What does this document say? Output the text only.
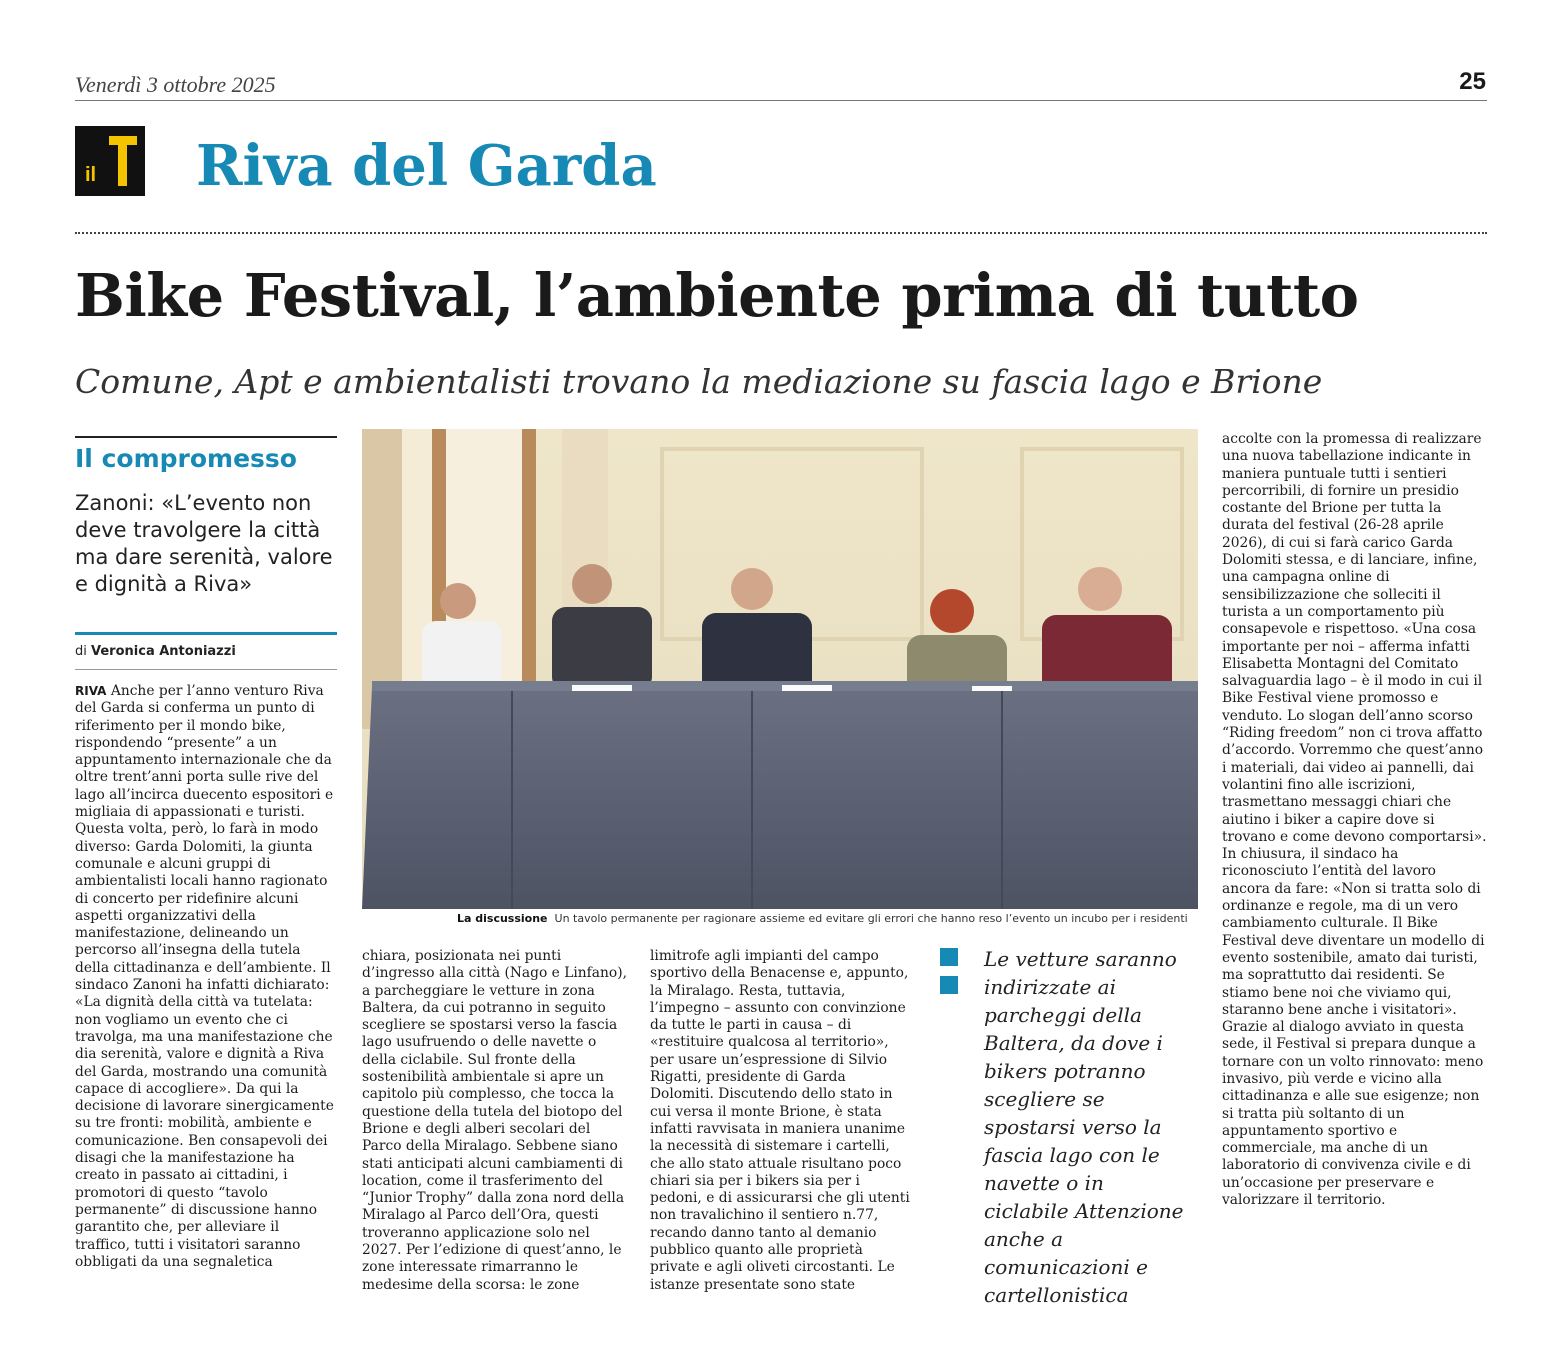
Venerdì 3 ottobre 2025	25
il Riva del Garda
Bike Festival, l’ambiente prima di tutto
Comune, Apt e ambientalisti trovano la mediazione su fascia lago e Brione
Il compromesso
Zanoni: «L’evento non deve travolgere la città ma dare serenità, valore e dignità a Riva»
di Veronica Antoniazzi
RIVA Anche per l’anno venturo Riva del Garda si conferma un punto di riferimento per il mondo bike, rispondendo “presente” a un appuntamento internazionale che da oltre trent’anni porta sulle rive del lago all’incirca duecento espositori e migliaia di appassionati e turisti. Questa volta, però, lo farà in modo diverso: Garda Dolomiti, la giunta comunale e alcuni gruppi di ambientalisti locali hanno ragionato di concerto per ridefinire alcuni aspetti organizzativi della manifestazione, delineando un percorso all’insegna della tutela della cittadinanza e dell’ambiente. Il sindaco Zanoni ha infatti dichiarato: «La dignità della città va tutelata: non vogliamo un evento che ci travolga, ma una manifestazione che dia serenità, valore e dignità a Riva del Garda, mostrando una comunità capace di accogliere». Da qui la decisione di lavorare sinergicamente su tre fronti: mobilità, ambiente e comunicazione. Ben consapevoli dei disagi che la manifestazione ha creato in passato ai cittadini, i promotori di questo “tavolo permanente” di discussione hanno garantito che, per alleviare il traffico, tutti i visitatori saranno obbligati da una segnaletica
La discussione Un tavolo permanente per ragionare assieme ed evitare gli errori che hanno reso l’evento un incubo per i residenti
chiara, posizionata nei punti d’ingresso alla città (Nago e Linfano), a parcheggiare le vetture in zona Baltera, da cui potranno in seguito scegliere se spostarsi verso la fascia lago usufruendo o delle navette o della ciclabile. Sul fronte della sostenibilità ambientale si apre un capitolo più complesso, che tocca la questione della tutela del biotopo del Brione e degli alberi secolari del Parco della Miralago. Sebbene siano stati anticipati alcuni cambiamenti di location, come il trasferimento del “Junior Trophy” dalla zona nord della Miralago al Parco dell’Ora, questi troveranno applicazione solo nel 2027. Per l’edizione di quest’anno, le zone interessate rimarranno le medesime della scorsa: le zone
limitrofe agli impianti del campo sportivo della Benacense e, appunto, la Miralago. Resta, tuttavia, l’impegno – assunto con convinzione da tutte le parti in causa – di «restituire qualcosa al territorio», per usare un’espressione di Silvio Rigatti, presidente di Garda Dolomiti. Discutendo dello stato in cui versa il monte Brione, è stata infatti ravvisata in maniera unanime la necessità di sistemare i cartelli, che allo stato attuale risultano poco chiari sia per i bikers sia per i pedoni, e di assicurarsi che gli utenti non travalichino il sentiero n.77, recando danno tanto al demanio pubblico quanto alle proprietà private e agli oliveti circostanti. Le istanze presentate sono state
Le vetture saranno indirizzate ai parcheggi della Baltera, da dove i bikers potranno scegliere se spostarsi verso la fascia lago con le navette o in ciclabile Attenzione anche a comunicazioni e cartellonistica
accolte con la promessa di realizzare una nuova tabellazione indicante in maniera puntuale tutti i sentieri percorribili, di fornire un presidio costante del Brione per tutta la durata del festival (26-28 aprile 2026), di cui si farà carico Garda Dolomiti stessa, e di lanciare, infine, una campagna online di sensibilizzazione che solleciti il turista a un comportamento più consapevole e rispettoso. «Una cosa importante per noi – afferma infatti Elisabetta Montagni del Comitato salvaguardia lago – è il modo in cui il Bike Festival viene promosso e venduto. Lo slogan dell’anno scorso “Riding freedom” non ci trova affatto d’accordo. Vorremmo che quest’anno i materiali, dai video ai pannelli, dai volantini fino alle iscrizioni, trasmettano messaggi chiari che aiutino i biker a capire dove si trovano e come devono comportarsi». In chiusura, il sindaco ha riconosciuto l’entità del lavoro ancora da fare: «Non si tratta solo di ordinanze e regole, ma di un vero cambiamento culturale. Il Bike Festival deve diventare un modello di evento sostenibile, amato dai turisti, ma soprattutto dai residenti. Se stiamo bene noi che viviamo qui, staranno bene anche i visitatori». Grazie al dialogo avviato in questa sede, il Festival si prepara dunque a tornare con un volto rinnovato: meno invasivo, più verde e vicino alla cittadinanza e alle sue esigenze; non si tratta più soltanto di un appuntamento sportivo e commerciale, ma anche di un laboratorio di convivenza civile e di un’occasione per preservare e valorizzare il territorio.
